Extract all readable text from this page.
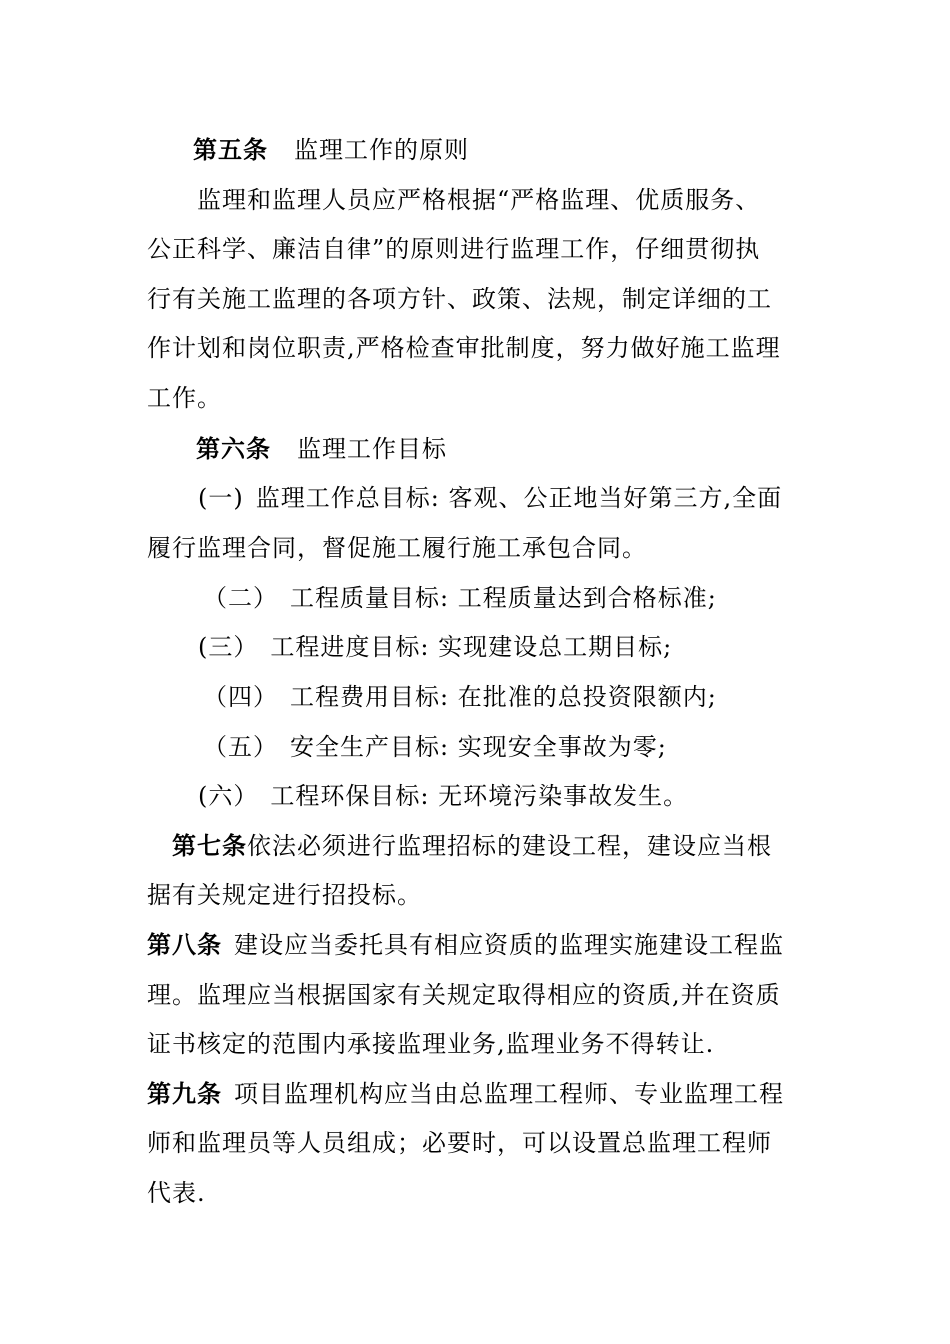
第五条 监理工作的原则
监理和监理人员应严格根据“严格监理、优质服务、
公正科学、廉洁自律”的原则进行监理工作，仔细贯彻执
行有关施工监理的各项方针、政策、法规，制定详细的工
作计划和岗位职责,严格检查审批制度，努力做好施工监理
工作。
第六条 监理工作目标
(一) 监理工作总目标: 客观、公正地当好第三方,全面
履行监理合同，督促施工履行施工承包合同。
（二） 工程质量目标: 工程质量达到合格标准;
(三） 工程进度目标: 实现建设总工期目标;
（四） 工程费用目标: 在批准的总投资限额内;
（五） 安全生产目标: 实现安全事故为零;
(六） 工程环保目标: 无环境污染事故发生。
第七条依法必须进行监理招标的建设工程，建设应当根
据有关规定进行招投标。
第八条 建设应当委托具有相应资质的监理实施建设工程监
理。监理应当根据国家有关规定取得相应的资质,并在资质
证书核定的范围内承接监理业务,监理业务不得转让.
第九条 项目监理机构应当由总监理工程师、专业监理工程
师和监理员等人员组成；必要时，可以设置总监理工程师
代表.
